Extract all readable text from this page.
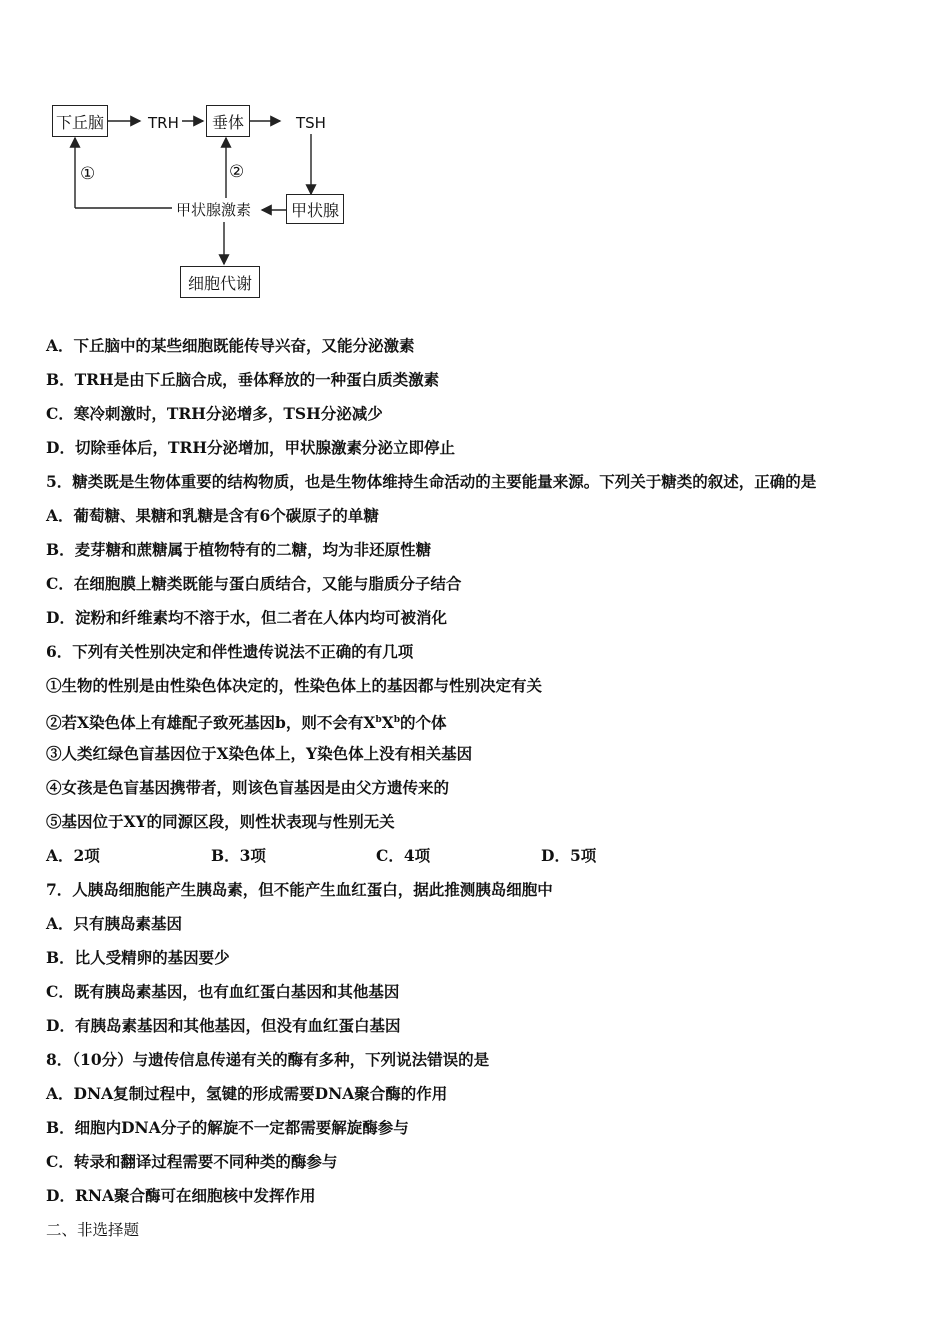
下丘脑	TRH	垂体	TSH
甲状腺
甲状腺激素
细胞代谢
①	②
A．下丘脑中的某些细胞既能传导兴奋，又能分泌激素
B．TRH是由下丘脑合成，垂体释放的一种蛋白质类激素
C．寒冷刺激时，TRH分泌增多，TSH分泌减少
D．切除垂体后，TRH分泌增加，甲状腺激素分泌立即停止
5．糖类既是生物体重要的结构物质，也是生物体维持生命活动的主要能量来源。下列关于糖类的叙述，正确的是
A．葡萄糖、果糖和乳糖是含有6个碳原子的单糖
B．麦芽糖和蔗糖属于植物特有的二糖，均为非还原性糖
C．在细胞膜上糖类既能与蛋白质结合，又能与脂质分子结合
D．淀粉和纤维素均不溶于水，但二者在人体内均可被消化
6．下列有关性别决定和伴性遗传说法不正确的有几项
①生物的性别是由性染色体决定的，性染色体上的基因都与性别决定有关
②若X染色体上有雄配子致死基因b，则不会有$X^bX^b$的个体
③人类红绿色盲基因位于X染色体上，Y染色体上没有相关基因
④女孩是色盲基因携带者，则该色盲基因是由父方遗传来的
⑤基因位于XY的同源区段，则性状表现与性别无关
A．2项	B．3项	C．4项	D．5项
7．人胰岛细胞能产生胰岛素，但不能产生血红蛋白，据此推测胰岛细胞中
A．只有胰岛素基因
B．比人受精卵的基因要少
C．既有胰岛素基因，也有血红蛋白基因和其他基因
D．有胰岛素基因和其他基因，但没有血红蛋白基因
8．（10分）与遗传信息传递有关的酶有多种，下列说法错误的是
A．DNA复制过程中，氢键的形成需要DNA聚合酶的作用
B．细胞内DNA分子的解旋不一定都需要解旋酶参与
C．转录和翻译过程需要不同种类的酶参与
D．RNA聚合酶可在细胞核中发挥作用
二、非选择题
